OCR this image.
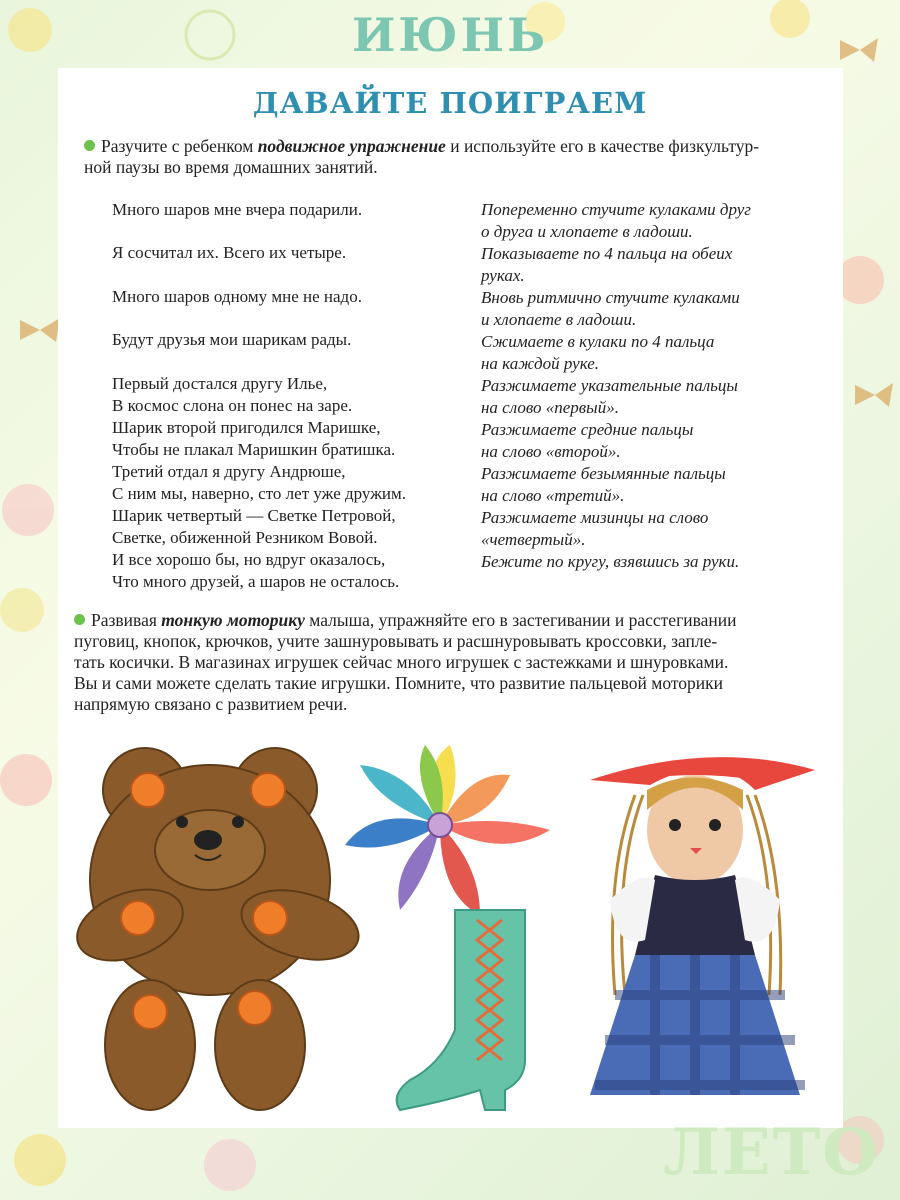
ИЮНЬ
ДАВАЙТЕ ПОИГРАЕМ
Разучите с ребенком подвижное упражнение и используйте его в качестве физкультур-
ной паузы во время домашних занятий.
Много шаров мне вчера подарили.
Я сосчитал их. Всего их четыре.
Много шаров одному мне не надо.
Будут друзья мои шарикам рады.
Первый достался другу Илье,
В космос слона он понес на заре.
Шарик второй пригодился Маришке,
Чтобы не плакал Маришкин братишка.
Третий отдал я другу Андрюше,
С ним мы, наверно, сто лет уже дружим.
Шарик четвертый — Светке Петровой,
Светке, обиженной Резником Вовой.
И все хорошо бы, но вдруг оказалось,
Что много друзей, а шаров не осталось.
Попеременно стучите кулаками друг
о друга и хлопаете в ладоши.
Показываете по 4 пальца на обеих
руках.
Вновь ритмично стучите кулаками
и хлопаете в ладоши.
Сжимаете в кулаки по 4 пальца
на каждой руке.
Разжимаете указательные пальцы
на слово «первый».
Разжимаете средние пальцы
на слово «второй».
Разжимаете безымянные пальцы
на слово «третий».
Разжимаете мизинцы на слово
«четвертый».
Бежите по кругу, взявшись за руки.
Развивая тонкую моторику малыша, упражняйте его в застегивании и расстегивании
пуговиц, кнопок, крючков, учите зашнуровывать и расшнуровывать кроссовки, запле-
тать косички. В магазинах игрушек сейчас много игрушек с застежками и шнуровками.
Вы и сами можете сделать такие игрушки. Помните, что развитие пальцевой моторики
напрямую связано с развитием речи.
ЛЕТО
